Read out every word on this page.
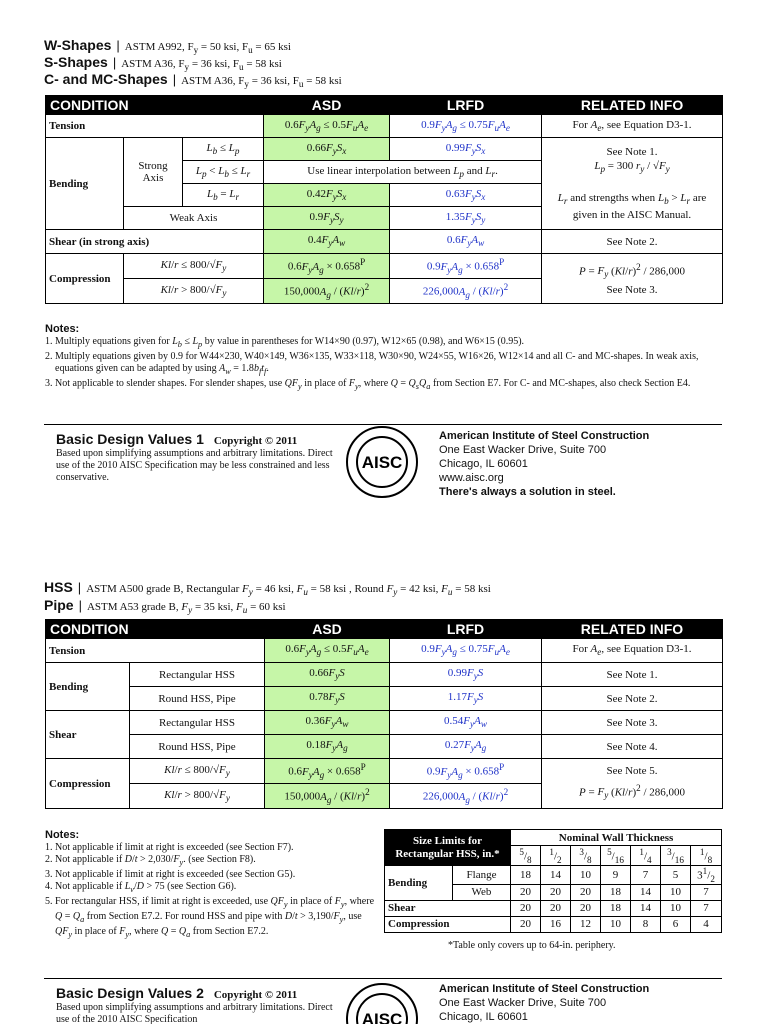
W-Shapes | ASTM A992, $F_y = 50$ ksi, $F_u = 65$ ksi
S-Shapes | ASTM A36, $F_y = 36$ ksi, $F_u = 58$ ksi
C- and MC-Shapes | ASTM A36, $F_y = 36$ ksi, $F_u = 58$ ksi
CONDITION			ASD	LRFD	RELATED INFO
Tension			$0.6F_yA_g \le 0.5F_uA_e$	$0.9F_yA_g \le 0.75F_uA_e$	For $A_e$, see Equation D3-1.
Bending	Strong Axis	$L_b \le L_p$	$0.66F_yS_x$	$0.99F_yS_x$	See Note 1.
$L_p = 300$ $r_y / √F_y$

$L_r$ and strengths when $L_b > L_r$ are given in the AISC Manual.
		$L_p < L_b \le L_r$	Use linear interpolation between $L_p$ and $L_r$.		
		$L_b = L_r$	$0.42F_yS_x$	$0.63F_yS_x$
	Weak Axis		$0.9F_yS_y$	$1.35F_yS_y$
Shear (in strong axis)			$0.4F_yA_w$	$0.6F_yA_w$	See Note 2.
Compression	$Kl/r \le 800/√F_y$		$0.6F_yA_g \times 0.658^P$	$0.9F_yA_g \times 0.658^P$	$P = F_y$ $(Kl/r)^2 / 286,000$
See Note 3.
	$Kl/r > 800/√F_y$		$150,000A_g / (Kl/r)^2$	$226,000A_g / (Kl/r)^2$
Notes:
1. Multiply equations given for $L_b \le L_p$ by value in parentheses for W14×90 (0.97), W12×65 (0.98), and W6×15 (0.95).
2. Multiply equations given by 0.9 for W44×230, W40×149, W36×135, W33×118, W30×90, W24×55, W16×26, W12×14 and all C- and MC-shapes. In weak axis, equations given can be adapted by using $A_w = 1.8b_ft_f$.
3. Not applicable to slender shapes. For slender shapes, use $QF_y$ in place of $F_y$, where $Q = Q_sQ_a$ from Section E7. For C- and MC-shapes, also check Section E4.
Basic Design Values 1 Copyright © 2011
Based upon simplifying assumptions and arbitrary limitations. Direct use of the 2010 AISC Specification may be less constrained and less conservative.
AISC
American Institute of Steel Construction
One East Wacker Drive, Suite 700
Chicago, IL 60601
www.aisc.org
There's always a solution in steel.
HSS | ASTM A500 grade B, Rectangular $F_y = 46$ ksi, $F_u = 58$ ksi , Round $F_y = 42$ ksi, $F_u = 58$ ksi
Pipe | ASTM A53 grade B, $F_y = 35$ ksi, $F_u = 60$ ksi
CONDITION		ASD	LRFD	RELATED INFO
Tension		$0.6F_yA_g \le 0.5F_uA_e$	$0.9F_yA_g \le 0.75F_uA_e$	For $A_e$, see Equation D3-1.
Bending	Rectangular HSS	$0.66F_yS$	$0.99F_yS$	See Note 1.
	Round HSS, Pipe	$0.78F_yS$	$1.17F_yS$	See Note 2.
Shear	Rectangular HSS	$0.36F_yA_w$	$0.54F_yA_w$	See Note 3.
	Round HSS, Pipe	$0.18F_yA_g$	$0.27F_yA_g$	See Note 4.
Compression	$Kl/r \le 800/√F_y$	$0.6F_yA_g \times 0.658^P$	$0.9F_yA_g \times 0.658^P$	See Note 5.
$P = F_y$ $(Kl/r)^2 / 286,000$
	$Kl/r > 800/√F_y$	$150,000A_g / (Kl/r)^2$	$226,000A_g / (Kl/r)^2$
Notes:
1. Not applicable if limit at right is exceeded (see Section F7).
2. Not applicable if $D/t > 2,030/F_y$. (see Section F8).
3. Not applicable if limit at right is exceeded (see Section G5).
4. Not applicable if $L_v/D > 75$ (see Section G6).
5. For rectangular HSS, if limit at right is exceeded, use $QF_y$ in place of $F_y$, where $Q = Q_a$ from Section E7.2. For round HSS and pipe with $D/t > 3,190/F_y$, use $QF_y$ in place of $F_y$, where $Q = Q_a$ from Section E7.2.
Size Limits for Rectangular HSS, in.*		Nominal Wall Thickness						
		$^5/_8$	$^1/_2$	$^3/_8$	$^5/_{16}$	$^1/_4$	$^3/_{16}$	$^1/_8$
Bending	Flange	18	14	10	9	7	5	$3^1/_2$
	Web	20	20	20	18	14	10	7
Shear		20	20	20	18	14	10	7
Compression		20	16	12	10	8	6	4
*Table only covers up to 64-in. periphery.
Basic Design Values 2 Copyright © 2011
Based upon simplifying assumptions and arbitrary limitations. Direct use of the 2010 AISC Specification	AISC
American Institute of Steel Construction
One East Wacker Drive, Suite 700
Chicago, IL 60601
